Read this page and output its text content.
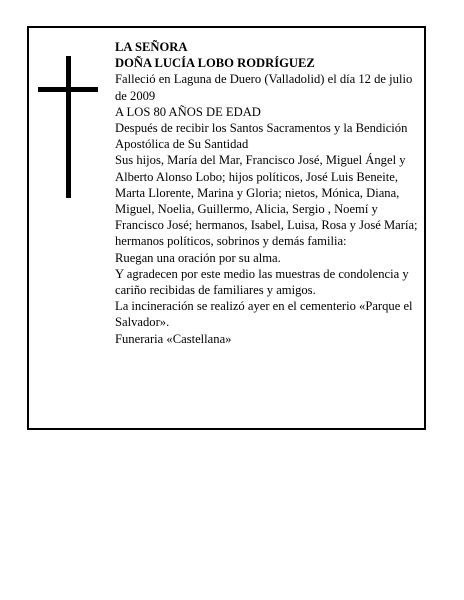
LA SEÑORA

DOÑA LUCÍA LOBO RODRÍGUEZ

Falleció en Laguna de Duero (Valladolid) el día 12 de julio de 2009

A LOS 80 AÑOS DE EDAD

Después de recibir los Santos Sacramentos y la Bendición Apostólica de Su Santidad

Sus hijos, María del Mar, Francisco José, Miguel Ángel y Alberto Alonso Lobo; hijos políticos, José Luis Beneite, Marta Llorente, Marina y Gloria; nietos, Mónica, Diana, Miguel, Noelia, Guillermo, Alicia, Sergio , Noemí y Francisco José; hermanos, Isabel, Luisa, Rosa y José María; hermanos políticos, sobrinos y demás familia:

Ruegan una oración por su alma.

Y agradecen por este medio las muestras de condolencia y cariño recibidas de familiares y amigos.

La incineración se realizó ayer en el cementerio «Parque el Salvador».

Funeraria «Castellana»
